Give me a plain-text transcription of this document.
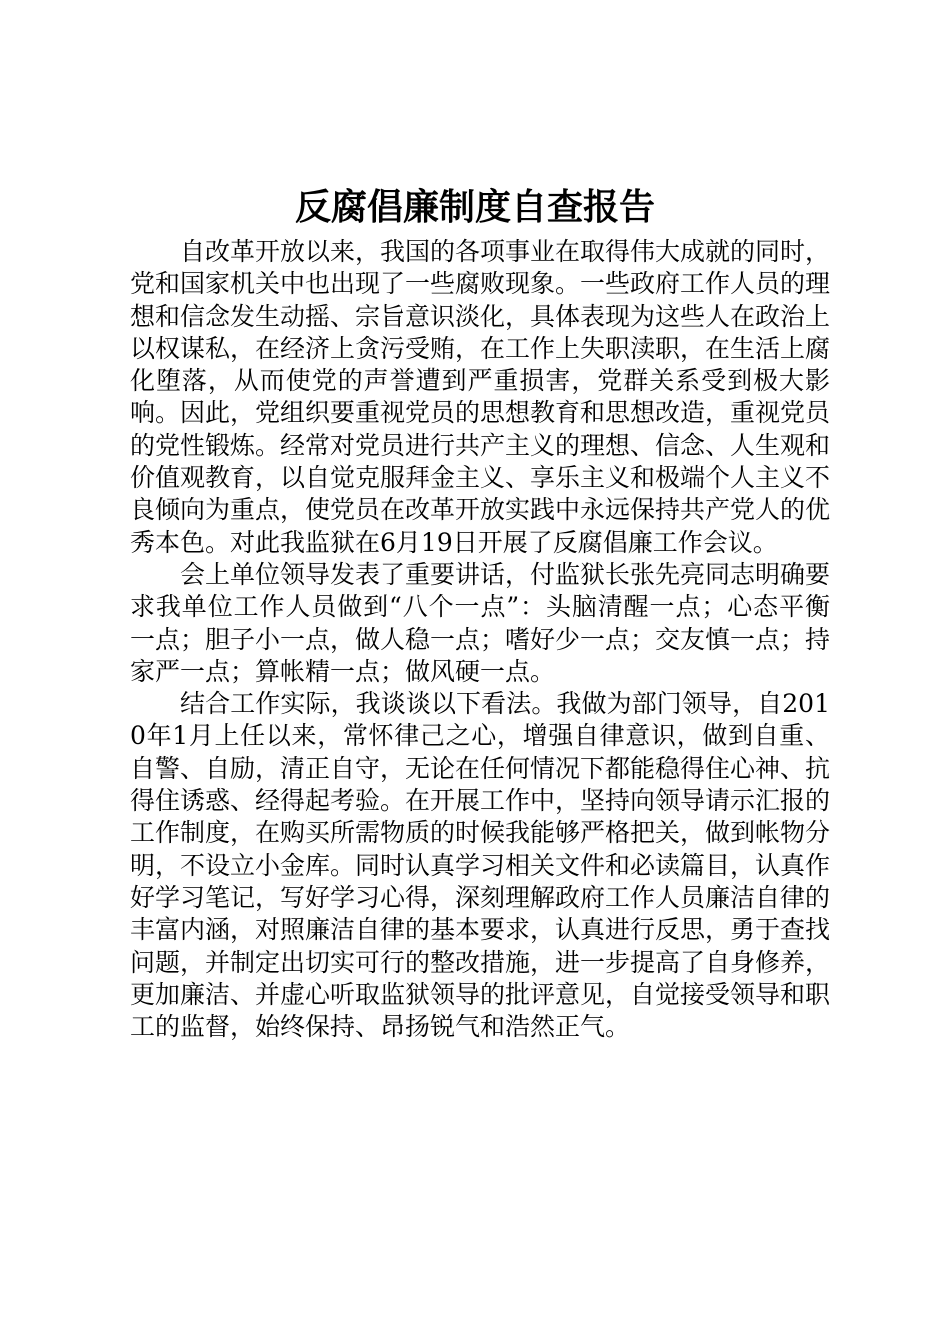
反腐倡廉制度自查报告

自改革开放以来，我国的各项事业在取得伟大成就的同时，党和国家机关中也出现了一些腐败现象。一些政府工作人员的理想和信念发生动摇、宗旨意识淡化，具体表现为这些人在政治上以权谋私，在经济上贪污受贿，在工作上失职渎职，在生活上腐化堕落，从而使党的声誉遭到严重损害，党群关系受到极大影响。因此，党组织要重视党员的思想教育和思想改造，重视党员的党性锻炼。经常对党员进行共产主义的理想、信念、人生观和价值观教育，以自觉克服拜金主义、享乐主义和极端个人主义不良倾向为重点，使党员在改革开放实践中永远保持共产党人的优秀本色。对此我监狱在6月19日开展了反腐倡廉工作会议。

会上单位领导发表了重要讲话，付监狱长张先亮同志明确要求我单位工作人员做到“八个一点”：头脑清醒一点；心态平衡一点；胆子小一点，做人稳一点；嗜好少一点；交友慎一点；持家严一点；算帐精一点；做风硬一点。

结合工作实际，我谈谈以下看法。我做为部门领导，自2010年1月上任以来，常怀律己之心，增强自律意识，做到自重、自警、自励，清正自守，无论在任何情况下都能稳得住心神、抗得住诱惑、经得起考验。在开展工作中，坚持向领导请示汇报的工作制度，在购买所需物质的时候我能够严格把关，做到帐物分明，不设立小金库。同时认真学习相关文件和必读篇目，认真作好学习笔记，写好学习心得，深刻理解政府工作人员廉洁自律的丰富内涵，对照廉洁自律的基本要求，认真进行反思，勇于查找问题，并制定出切实可行的整改措施，进一步提高了自身修养，更加廉洁、并虚心听取监狱领导的批评意见，自觉接受领导和职工的监督，始终保持、昂扬锐气和浩然正气。
